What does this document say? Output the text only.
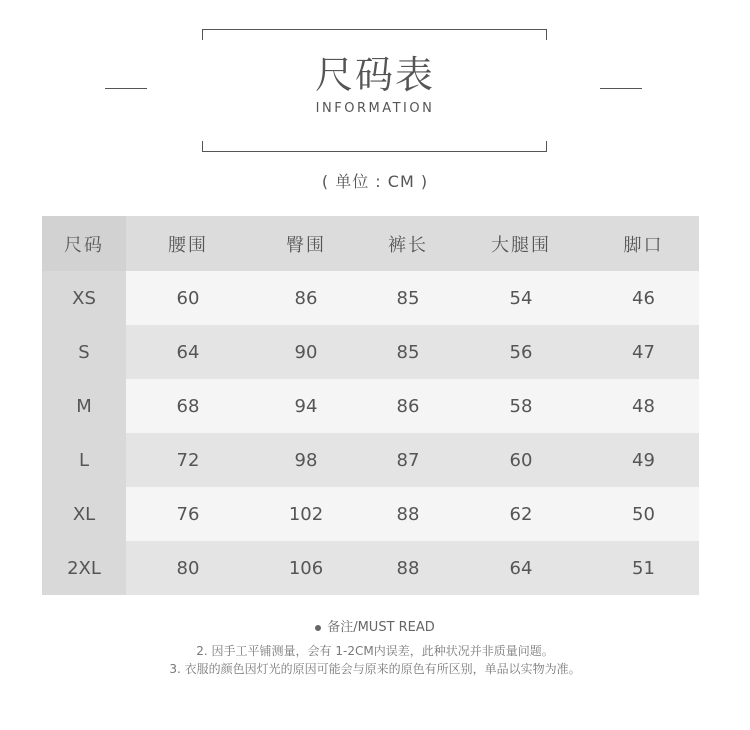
尺码表
INFORMATION
( 单位 : CM )
尺码	腰围	臀围	裤长	大腿围	脚口
XS	60	86	85	54	46
S	64	90	85	56	47
M	68	94	86	58	48
L	72	98	87	60	49
XL	76	102	88	62	50
2XL	80	106	88	64	51
备注/MUST READ
2. 因手工平铺测量，会有 1-2CM内误差，此种状况并非质量问题。
3. 衣服的颜色因灯光的原因可能会与原来的原色有所区别，单品以实物为准。
